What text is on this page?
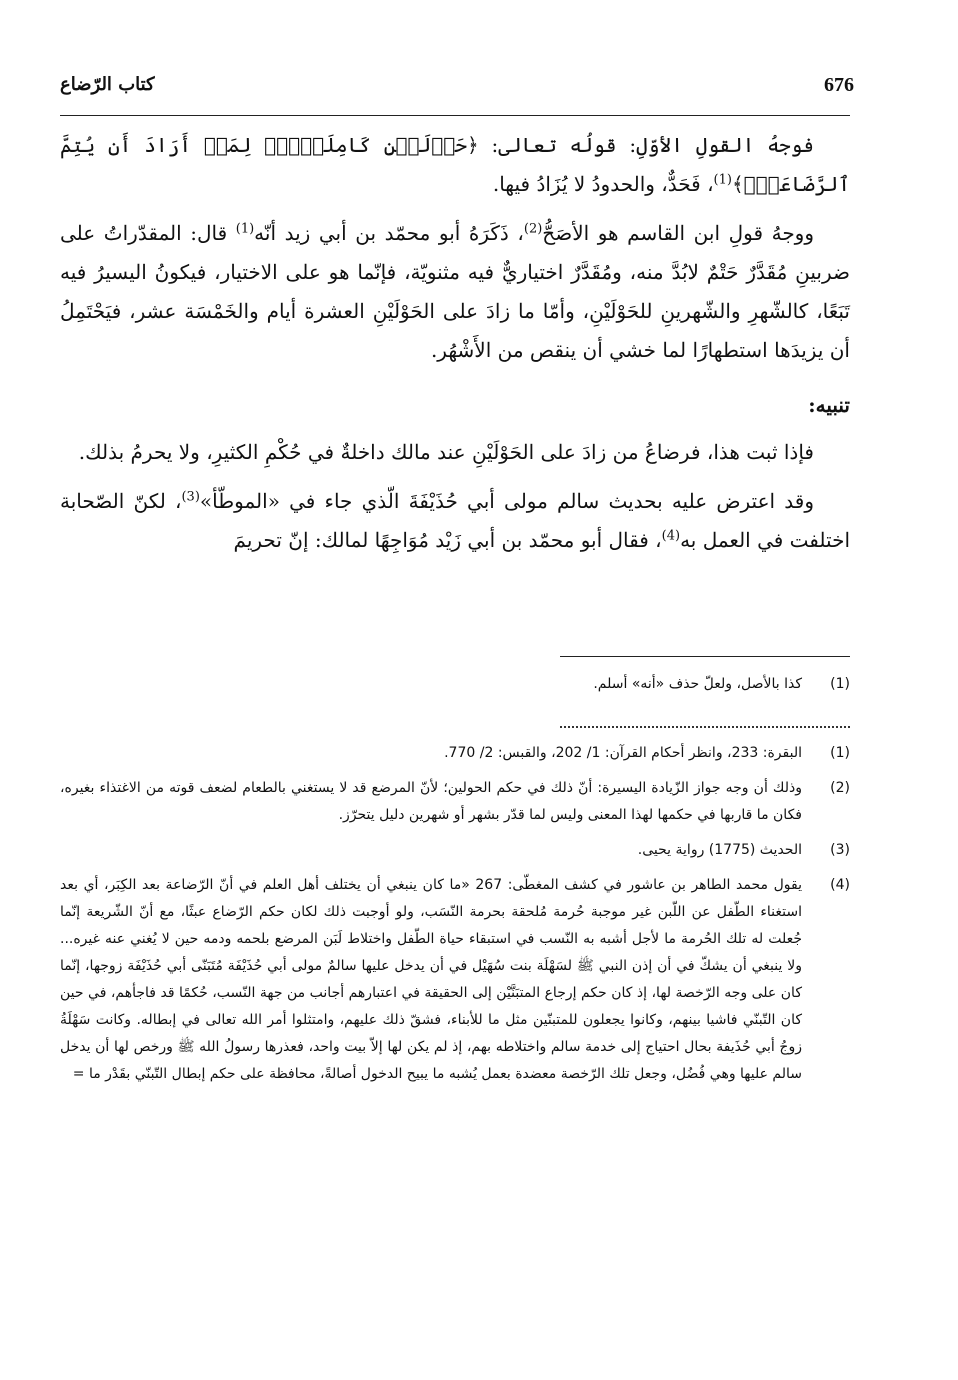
676
كتاب الرّضاع

فوجهُ القولِ الأوّلِ: قولُه تعالى: ﴿حَوۡلَيۡنِ كَامِلَيۡنِۖ لِمَنۡ أَرَادَ أَن يُتِمَّ ٱلرَّضَاعَةَۚ﴾$^{(1)}$، فَحَدٌّ، والحدودُ لا يُزَادُ فيها.

ووجهُ قولِ ابن القاسم هو الأصَحُّ$^{(2)}$، ذَكَرَهُ أبو محمّد بن أبي زيد أنّه$^{(1)}$ قال: المقدّراتُ على ضربينِ مُقَدَّرٌ حَتْمٌ لابُدَّ منه، ومُقَدَّرٌ اختياريٌّ فيه مثنويّة، فإنّما هو على الاختيار، فيكونُ اليسيرُ فيه تَبَعًا، كالشّهرِ والشّهرينِ للحَوْلَيْنِ، وأمّا ما زادَ على الحَوْلَيْنِ العشرة أيام والخَمْسَة عشر، فيَحْتَمِلُ أن يزيدَها استطهارًا لما خشي أن ينقص من الأَشْهُر.

تنبيه:

فإذا ثبت هذا، فرضاعُ من زادَ على الحَوْلَيْنِ عند مالك داخلةٌ في حُكْمِ الكثيرِ، ولا يحرمُ بذلك.

وقد اعترض عليه بحديث سالم مولى أبي حُذَيْفَةَ الّذي جاء في «الموطّأ»$^{(3)}$، لكنّ الصّحابة اختلفت في العمل به$^{(4)}$، فقال أبو محمّد بن أبي زَيْد مُوَاجِهًا لمالك: إنّ تحريمَ

(1)
كذا بالأصل، ولعلّ حذف «أنه» أسلم.
(1)
البقرة: 233، وانظر أحكام القرآن: 1/ 202، والقبس: 2/ 770.
(2)
وذلك أن وجه جواز الزّيادة اليسيرة: أنّ ذلك في حكم الحولين؛ لأنّ المرضع قد لا يستغني بالطعام لضعف قوته من الاغتذاء بغيره، فكان ما قاربها في حكمها لهذا المعنى وليس لما قدّر بشهر أو شهرين دليل يتحرّز.
(3)
الحديث (1775) رواية يحيى.
(4)
يقول محمد الطاهر بن عاشور في كشف المغطّى: 267 «ما كان ينبغي أن يختلف أهل العلم في أنّ الرّضاعة بعد الكِبَر، أي بعد استغناء الطّفل عن اللّبن غير موجبة حُرمة مُلحقة بحرمة النّسَب، ولو أوجبت ذلك لكان حكم الرّضاع عبثًا، مع أنّ الشّريعة إنّما جُعلت له تلك الحُرمة ما لأجل أشبه به النّسب في استبقاء حياة الطّفل واختلاط لَبَن المرضع بلحمه ودمه حين لا يُغني عنه غيره... ولا ينبغي أن يشكّ في أن إذن النبي ﷺ لسَهْلَة بنت سُهَيْل في أن يدخل عليها سالمٌ مولى أبي حُذَيْفَة مُتَبَنّى أبي حُذَيْفَة زوجها، إنّما كان على وجه الرّخصة لها، إذ كان حكم إرجاع المتبَنَّيْن إلى الحقيقة في اعتبارهم أجانب من جهة النّسب، حُكمًا قد فاجأهم، في حين كان التّبنّي فاشيا بينهم، وكانوا يجعلون للمتبنّين مثل ما للأبناء، فشقّ ذلك عليهم، وامتثلوا أمر الله تعالى في إبطاله. وكانت سَهْلَةُ زوجُ أبي حُذَيفة بحال احتياج إلى خدمة سالم واختلاطه بهم، إذ لم يكن لها إلاّ بيت واحد، فعذرها رسولُ الله ﷺ ورخص لها أن يدخل سالم عليها وهي فُضُل، وجعل تلك الرّخصة معضدة بعمل يُشبه ما يبيح الدخول أصالةً، محافظة على حكم إبطال التّبنّي بقَدْر ما =
